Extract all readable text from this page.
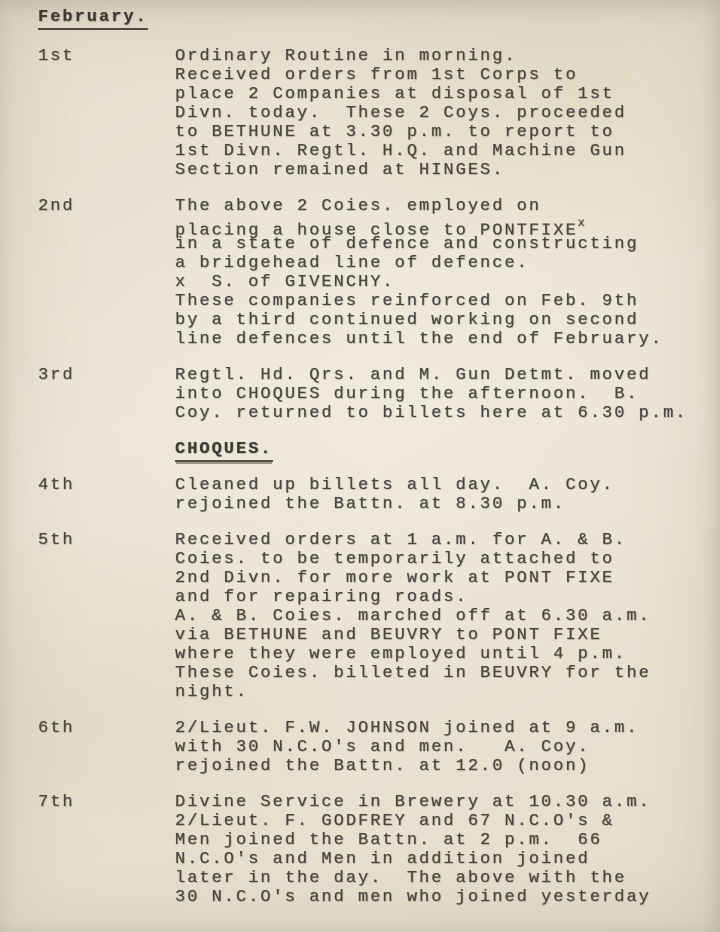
February.
1st	Ordinary Routine in morning.
Received orders from 1st Corps to
place 2 Companies at disposal of 1st
Divn. today.  These 2 Coys. proceeded
to BETHUNE at 3.30 p.m. to report to
1st Divn. Regtl. H.Q. and Machine Gun
Section remained at HINGES.
2nd	The above 2 Coies. employed on
placing a house close to PONTFIXE$^x$
in a state of defence and constructing
a bridgehead line of defence.
x  S. of GIVENCHY.
These companies reinforced on Feb. 9th
by a third continued working on second
line defences until the end of February.
3rd	Regtl. Hd. Qrs. and M. Gun Detmt. moved
into CHOQUES during the afternoon.  B.
Coy. returned to billets here at 6.30 p.m.
CHOQUES.
4th	Cleaned up billets all day.  A. Coy.
rejoined the Battn. at 8.30 p.m.
5th	Received orders at 1 a.m. for A. & B.
Coies. to be temporarily attached to
2nd Divn. for more work at PONT FIXE
and for repairing roads.
A. & B. Coies. marched off at 6.30 a.m.
via BETHUNE and BEUVRY to PONT FIXE
where they were employed until 4 p.m.
These Coies. billeted in BEUVRY for the
night.
6th	2/Lieut. F.W. JOHNSON joined at 9 a.m.
with 30 N.C.O's and men.   A. Coy.
rejoined the Battn. at 12.0 (noon)
7th	Divine Service in Brewery at 10.30 a.m.
2/Lieut. F. GODFREY and 67 N.C.O's &
Men joined the Battn. at 2 p.m.  66
N.C.O's and Men in addition joined
later in the day.  The above with the
30 N.C.O's and men who joined yesterday
